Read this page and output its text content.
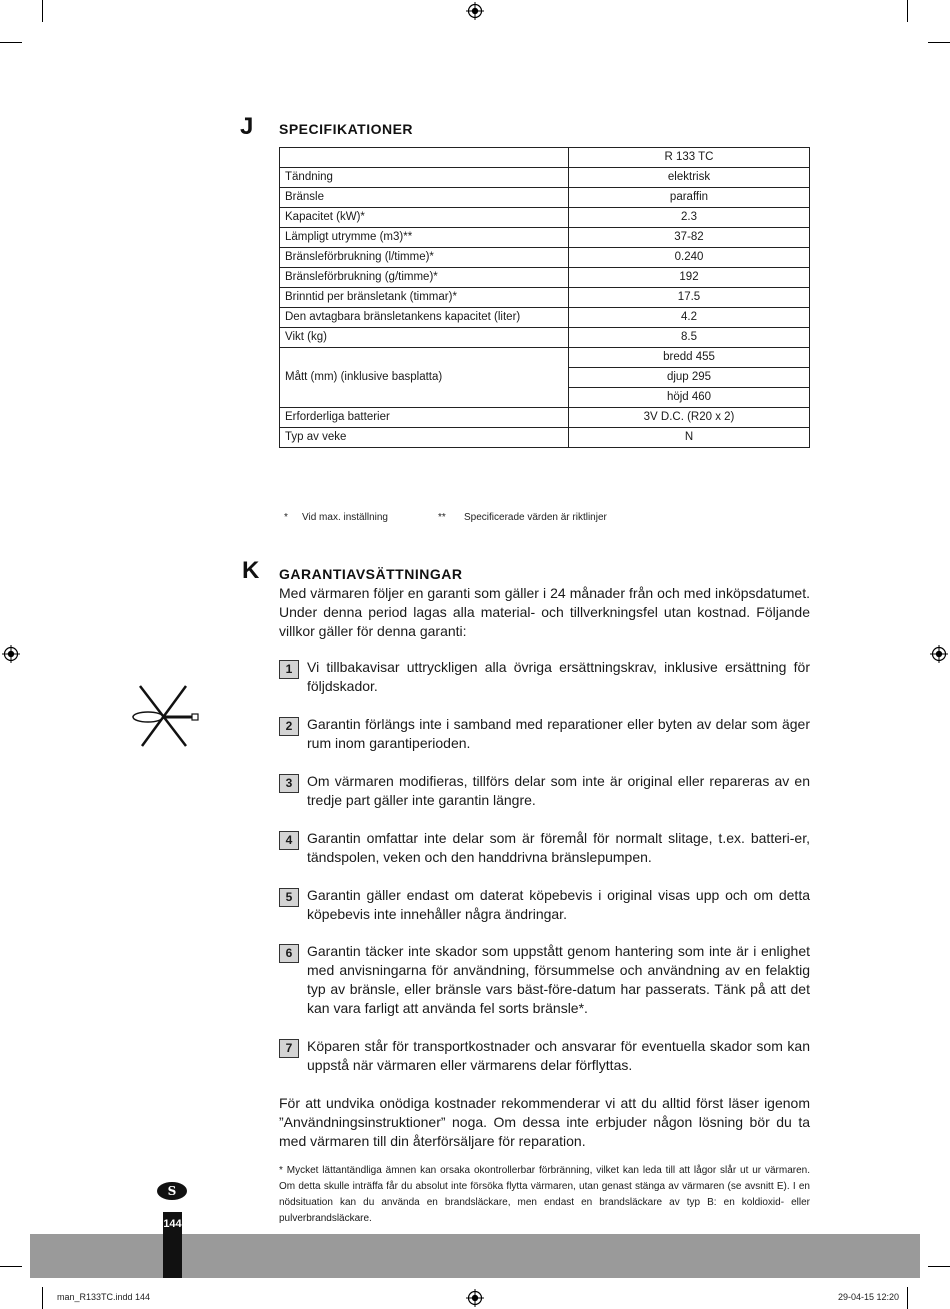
J SPECIFIKATIONER
	R 133 TC
Tändning	elektrisk
Bränsle	paraffin
Kapacitet (kW)*	2.3
Lämpligt utrymme (m3)**	37-82
Bränsleförbrukning (l/timme)*	0.240
Bränsleförbrukning (g/timme)*	192
Brinntid per bränsletank (timmar)*	17.5
Den avtagbara bränsletankens kapacitet (liter)	4.2
Vikt (kg)	8.5
Mått (mm) (inklusive basplatta)	bredd 455
	djup 295
	höjd 460
Erforderliga batterier	3V D.C. (R20 x 2)
Typ av veke	N
* Vid max. inställning	** Specificerade värden är riktlinjer
K GARANTIAVSÄTTNINGAR
Med värmaren följer en garanti som gäller i 24 månader från och med inköpsdatumet. Under denna period lagas alla material- och tillverkningsfel utan kostnad. Följande villkor gäller för denna garanti:
1	Vi tillbakavisar uttryckligen alla övriga ersättningskrav, inklusive ersättning för följdskador.
2	Garantin förlängs inte i samband med reparationer eller byten av delar som äger rum inom garantiperioden.
3	Om värmaren modifieras, tillförs delar som inte är original eller repareras av en tredje part gäller inte garantin längre.
4	Garantin omfattar inte delar som är föremål för normalt slitage, t.ex. batteri-er, tändspolen, veken och den handdrivna bränslepumpen.
5	Garantin gäller endast om daterat köpebevis i original visas upp och om detta köpebevis inte innehåller några ändringar.
6	Garantin täcker inte skador som uppstått genom hantering som inte är i enlighet med anvisningarna för användning, försummelse och användning av en felaktig typ av bränsle, eller bränsle vars bäst-före-datum har passerats. Tänk på att det kan vara farligt att använda fel sorts bränsle*.
7	Köparen står för transportkostnader och ansvarar för eventuella skador som kan uppstå när värmaren eller värmarens delar förflyttas.
För att undvika onödiga kostnader rekommenderar vi att du alltid först läser igenom ”Användningsinstruktioner” noga. Om dessa inte erbjuder någon lösning bör du ta med värmaren till din återförsäljare för reparation.
* Mycket lättantändliga ämnen kan orsaka okontrollerbar förbränning, vilket kan leda till att lågor slår ut ur värmaren. Om detta skulle inträffa får du absolut inte försöka flytta värmaren, utan genast stänga av värmaren (se avsnitt E). I en nödsituation kan du använda en brandsläckare, men endast en brandsläckare av typ B: en koldioxid- eller pulverbrandsläckare.
S
144
man_R133TC.indd 144	29-04-15 12:20
